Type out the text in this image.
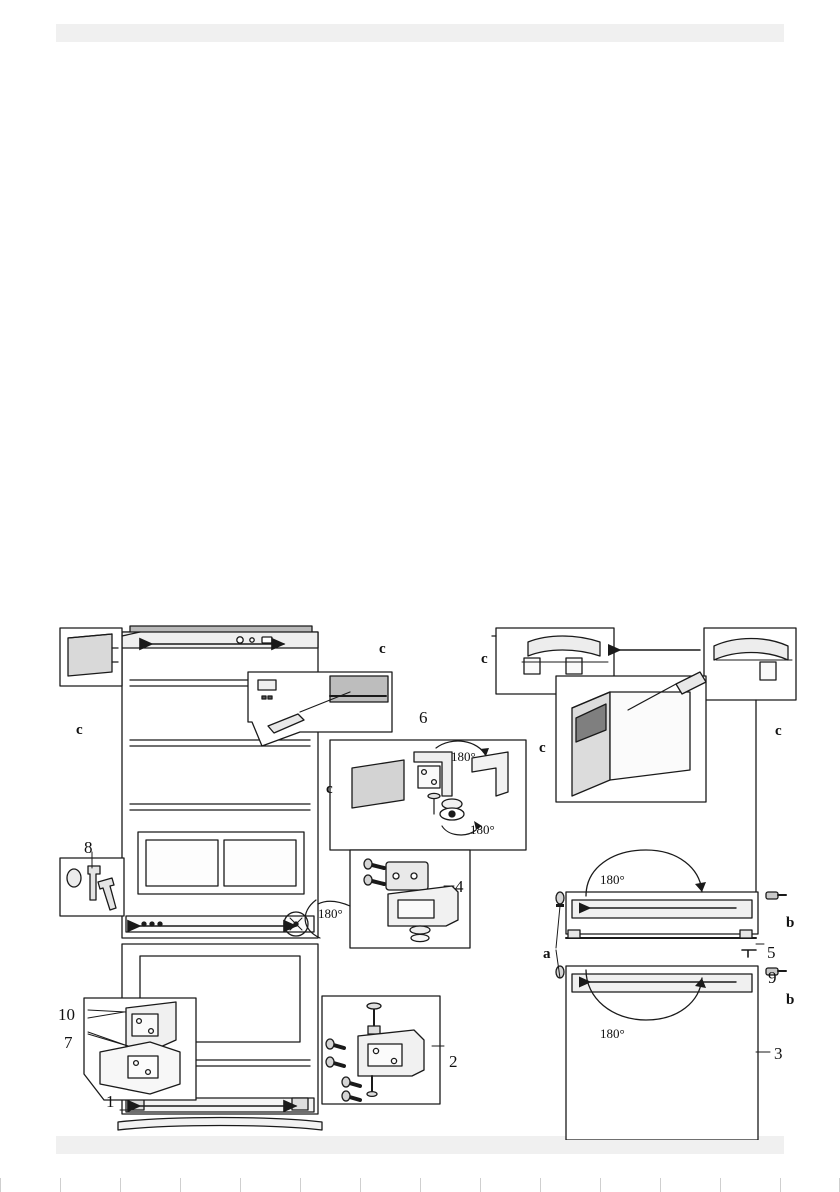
1
2	3
4
5
6
7
8
9
10
c
c
c
c
c
c
a
b
b
180°
180°
180°
180°
180°
